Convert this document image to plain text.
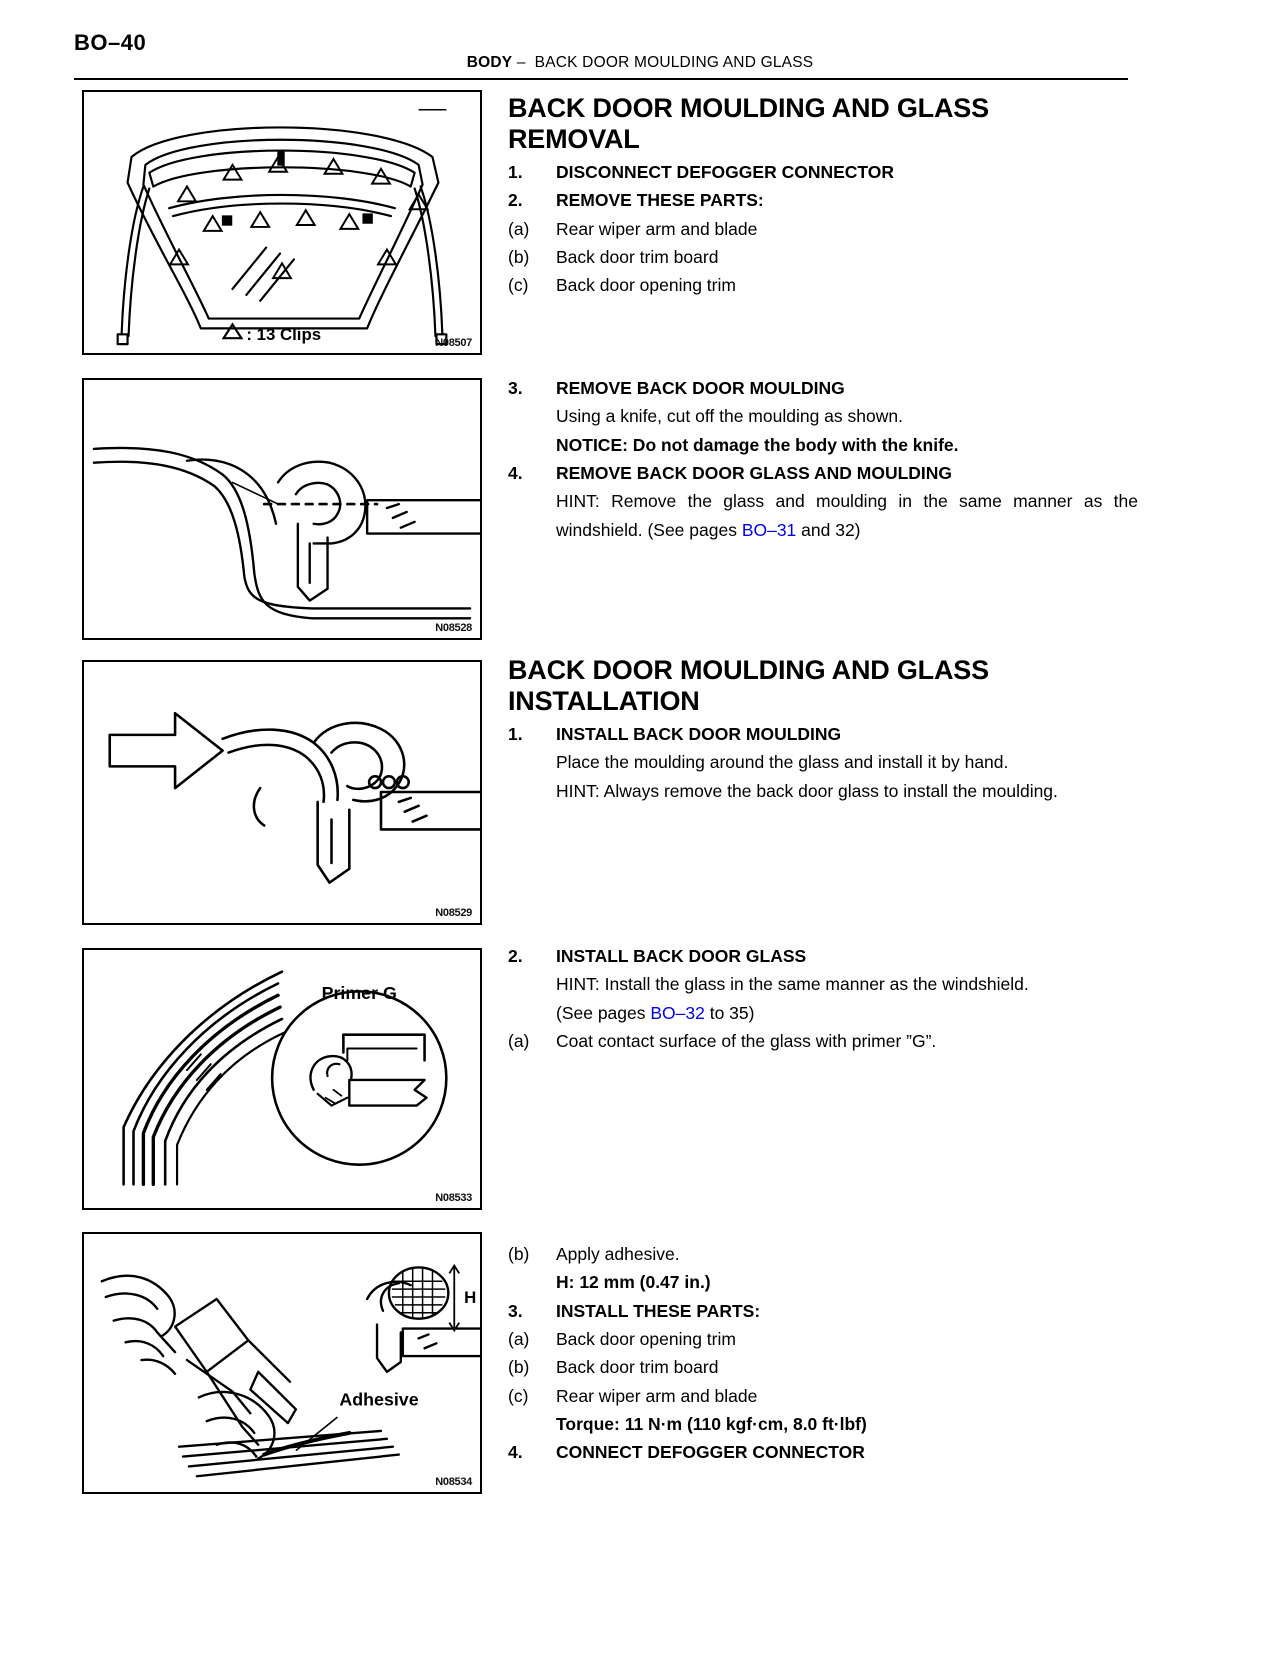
BO–40
BODY – BACK DOOR MOULDING AND GLASS
: 13 Clips	N08507
N08528
N08529
Primer G
N08533
H
Adhesive
N08534
BACK DOOR MOULDING AND GLASS
REMOVAL
1.	DISCONNECT DEFOGGER CONNECTOR
2.	REMOVE THESE PARTS:
(a)	Rear wiper arm and blade
(b)	Back door trim board
(c)	Back door opening trim
3.	REMOVE BACK DOOR MOULDING
Using a knife, cut off the moulding as shown.
NOTICE: Do not damage the body with the knife.
4.	REMOVE BACK DOOR GLASS AND MOULDING
HINT: Remove the glass and moulding in the same manner as the windshield. (See pages BO–31 and 32)
BACK DOOR MOULDING AND GLASS
INSTALLATION
1.	INSTALL BACK DOOR MOULDING
Place the moulding around the glass and install it by hand.
HINT: Always remove the back door glass to install the moulding.
2.	INSTALL BACK DOOR GLASS
HINT: Install the glass in the same manner as the windshield.
(See pages BO–32 to 35)
(a)	Coat contact surface of the glass with primer ”G”.
(b)	Apply adhesive.
H: 12 mm (0.47 in.)
3.	INSTALL THESE PARTS:
(a)	Back door opening trim
(b)	Back door trim board
(c)	Rear wiper arm and blade
Torque: 11 N·m (110 kgf·cm, 8.0 ft·lbf)
4.	CONNECT DEFOGGER CONNECTOR
